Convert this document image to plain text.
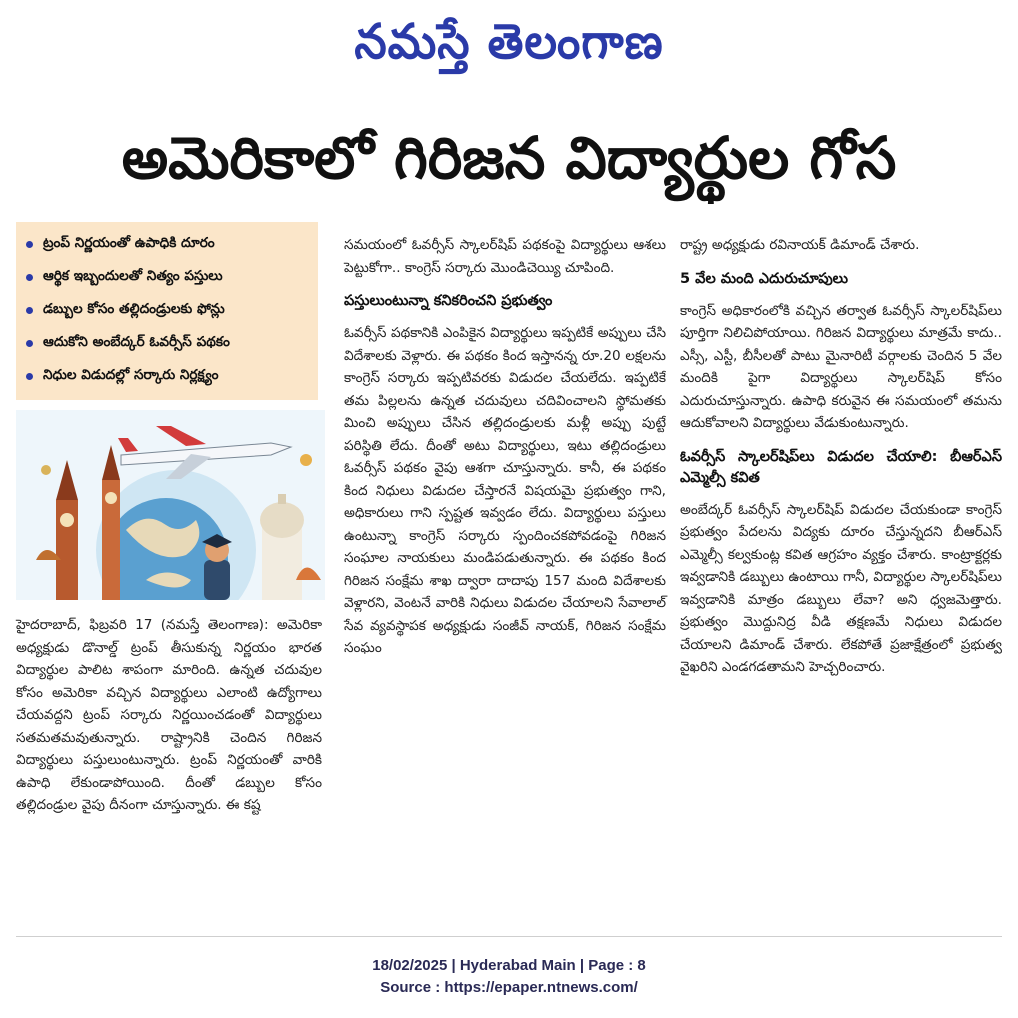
నమస్తే తెలంగాణ
అమెరికాలో గిరిజన విద్యార్థుల గోస
ట్రంప్ నిర్ణయంతో ఉపాధికి దూరం
ఆర్థిక ఇబ్బందులతో నిత్యం పస్తులు
డబ్బుల కోసం తల్లిదండ్రులకు ఫోన్లు
ఆదుకోని అంబేద్కర్ ఓవర్సీస్ పథకం
నిధుల విడుదల్లో సర్కారు నిర్లక్ష్యం

హైదరాబాద్, ఫిబ్రవరి 17 (నమస్తే తెలంగాణ): అమెరికా అధ్యక్షుడు డొనాల్డ్ ట్రంప్ తీసుకున్న నిర్ణయం భారత విద్యార్థుల పాలిట శాపంగా మారింది. ఉన్నత చదువుల కోసం అమెరికా వచ్చిన విద్యార్థులు ఎలాంటి ఉద్యోగాలు చేయవద్దని ట్రంప్ సర్కారు నిర్ణయించడంతో విద్యార్థులు సతమతమవుతున్నారు. రాష్ట్రానికి చెందిన గిరిజన విద్యార్థులు పస్తులుంటున్నారు. ట్రంప్ నిర్ణయంతో వారికి ఉపాధి లేకుండాపోయింది. దీంతో డబ్బుల కోసం తల్లిదండ్రుల వైపు దీనంగా చూస్తున్నారు. ఈ కష్ట

సమయంలో ఓవర్సీస్ స్కాలర్‌షిప్ పథకంపై విద్యార్థులు ఆశలు పెట్టుకోగా.. కాంగ్రెస్ సర్కారు మొండిచెయ్యి చూపింది.

పస్తులుంటున్నా కనికరించని ప్రభుత్వం

ఓవర్సీస్ పథకానికి ఎంపికైన విద్యార్థులు ఇప్పటికే అప్పులు చేసి విదేశాలకు వెళ్లారు. ఈ పథకం కింద ఇస్తానన్న రూ.20 లక్షలను కాంగ్రెస్ సర్కారు ఇప్పటివరకు విడుదల చేయలేదు. ఇప్పటికే తమ పిల్లలను ఉన్నత చదువులు చదివించాలని స్థోమతకు మించి అప్పులు చేసిన తల్లిదండ్రులకు మళ్లీ అప్పు పుట్టే పరిస్థితి లేదు. దీంతో అటు విద్యార్థులు, ఇటు తల్లిదండ్రులు ఓవర్సీస్ పథకం వైపు ఆశగా చూస్తున్నారు. కానీ, ఈ పథకం కింద నిధులు విడుదల చేస్తారనే విషయమై ప్రభుత్వం గాని, అధికారులు గాని స్పష్టత ఇవ్వడం లేదు. విద్యార్థులు పస్తులు ఉంటున్నా కాంగ్రెస్ సర్కారు స్పందించకపోవడంపై గిరిజన సంఘాల నాయకులు మండిపడుతున్నారు. ఈ పథకం కింద గిరిజన సంక్షేమ శాఖ ద్వారా దాదాపు 157 మంది విదేశాలకు వెళ్లారని, వెంటనే వారికి నిధులు విడుదల చేయాలని సేవాలాల్ సేవ వ్యవస్థాపక అధ్యక్షుడు సంజీవ్ నాయక్, గిరిజన సంక్షేమ సంఘం

రాష్ట్ర అధ్యక్షుడు రవినాయక్ డిమాండ్ చేశారు.

5 వేల మంది ఎదురుచూపులు

కాంగ్రెస్ అధికారంలోకి వచ్చిన తర్వాత ఓవర్సీస్ స్కాలర్‌షిప్‌లు పూర్తిగా నిలిచిపోయాయి. గిరిజన విద్యార్థులు మాత్రమే కాదు.. ఎస్సీ, ఎస్టీ, బీసీలతో పాటు మైనారిటీ వర్గాలకు చెందిన 5 వేల మందికి పైగా విద్యార్థులు స్కాలర్‌షిప్ కోసం ఎదురుచూస్తున్నారు. ఉపాధి కరువైన ఈ సమయంలో తమను ఆదుకోవాలని విద్యార్థులు వేడుకుంటున్నారు.

ఓవర్సీస్ స్కాలర్‌షిప్‌లు విడుదల చేయాలి: బీఆర్ఎస్ ఎమ్మెల్సీ కవిత

అంబేద్కర్ ఓవర్సీస్ స్కాలర్‌షిప్ విడుదల చేయకుండా కాంగ్రెస్ ప్రభుత్వం పేదలను విద్యకు దూరం చేస్తున్నదని బీఆర్ఎస్ ఎమ్మెల్సీ కల్వకుంట్ల కవిత ఆగ్రహం వ్యక్తం చేశారు. కాంట్రాక్టర్లకు ఇవ్వడానికి డబ్బులు ఉంటాయి గానీ, విద్యార్థుల స్కాలర్‌షిప్‌లు ఇవ్వడానికి మాత్రం డబ్బులు లేవా? అని ధ్వజమెత్తారు. ప్రభుత్వం మొద్దునిద్ర వీడి తక్షణమే నిధులు విడుదల చేయాలని డిమాండ్ చేశారు. లేకపోతే ప్రజాక్షేత్రంలో ప్రభుత్వ వైఖరిని ఎండగడతామని హెచ్చరించారు.

18/02/2025 | Hyderabad Main | Page : 8
Source : https://epaper.ntnews.com/
